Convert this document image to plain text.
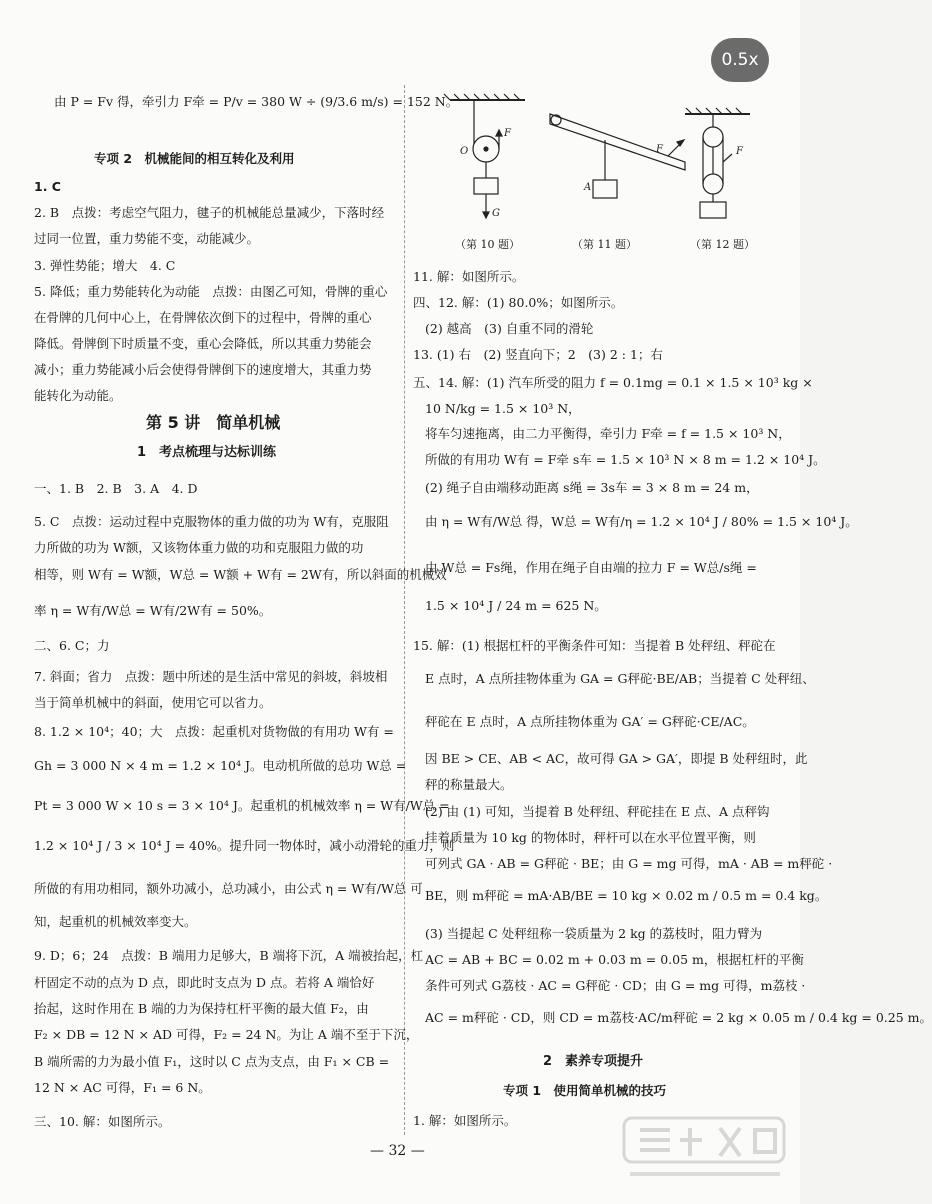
0.5x
由 P = Fv 得，牵引力 F牵 = P/v = 380 W ÷ (9/3.6 m/s) = 152 N。
专项 2　机械能间的相互转化及利用
1. C
2. B　点拨：考虑空气阻力，毽子的机械能总量减少，下落时经
过同一位置，重力势能不变，动能减少。
3. 弹性势能；增大　4. C
5. 降低；重力势能转化为动能　点拨：由图乙可知，骨牌的重心
在骨牌的几何中心上，在骨牌依次倒下的过程中，骨牌的重心
降低。骨牌倒下时质量不变，重心会降低，所以其重力势能会
减小；重力势能减小后会使得骨牌倒下的速度增大，其重力势
能转化为动能。
第 5 讲　简单机械
1　考点梳理与达标训练
一、1. B　2. B　3. A　4. D
5. C　点拨：运动过程中克服物体的重力做的功为 W有，克服阻
力所做的功为 W额，又该物体重力做的功和克服阻力做的功
相等，则 W有 = W额，W总 = W额 + W有 = 2W有，所以斜面的机械效
率 η = W有/W总 = W有/2W有 = 50%。
二、6. C；力
7. 斜面；省力　点拨：题中所述的是生活中常见的斜坡，斜坡相
当于简单机械中的斜面，使用它可以省力。
8. 1.2 × 10⁴；40；大　点拨：起重机对货物做的有用功 W有 =
Gh = 3 000 N × 4 m = 1.2 × 10⁴ J。电动机所做的总功 W总 =
Pt = 3 000 W × 10 s = 3 × 10⁴ J。起重机的机械效率 η = W有/W总 =
1.2 × 10⁴ J / 3 × 10⁴ J = 40%。提升同一物体时，减小动滑轮的重力，则
所做的有用功相同，额外功减小，总功减小，由公式 η = W有/W总 可
知，起重机的机械效率变大。
9. D；6；24　点拨：B 端用力足够大，B 端将下沉，A 端被抬起，杠
杆固定不动的点为 D 点，即此时支点为 D 点。若将 A 端恰好
抬起，这时作用在 B 端的力为保持杠杆平衡的最大值 F₂，由
F₂ × DB = 12 N × AD 可得，F₂ = 24 N。为让 A 端不至于下沉，
B 端所需的力为最小值 F₁，这时以 C 点为支点，由 F₁ × CB =
12 N × AC 可得，F₁ = 6 N。
三、10. 解：如图所示。
O
F
G
A
F	F
（第 10 题）	（第 11 题）	（第 12 题）
11. 解：如图所示。
四、12. 解：(1) 80.0%；如图所示。
(2) 越高　(3) 自重不同的滑轮
13. (1) 右　(2) 竖直向下；2　(3) 2 : 1；右
五、14. 解：(1) 汽车所受的阻力 f = 0.1mg = 0.1 × 1.5 × 10³ kg ×
10 N/kg = 1.5 × 10³ N，
将车匀速拖离，由二力平衡得，牵引力 F牵 = f = 1.5 × 10³ N，
所做的有用功 W有 = F牵 s车 = 1.5 × 10³ N × 8 m = 1.2 × 10⁴ J。
(2) 绳子自由端移动距离 s绳 = 3s车 = 3 × 8 m = 24 m，
由 η = W有/W总 得，W总 = W有/η = 1.2 × 10⁴ J / 80% = 1.5 × 10⁴ J。
由 W总 = Fs绳，作用在绳子自由端的拉力 F = W总/s绳 =
1.5 × 10⁴ J / 24 m = 625 N。
15. 解：(1) 根据杠杆的平衡条件可知：当提着 B 处秤纽、秤砣在
E 点时，A 点所挂物体重为 GA = G秤砣·BE/AB；当提着 C 处秤纽、
秤砣在 E 点时，A 点所挂物体重为 GA′ = G秤砣·CE/AC。
因 BE > CE、AB < AC，故可得 GA > GA′，即提 B 处秤纽时，此
秤的称量最大。
(2) 由 (1) 可知，当提着 B 处秤纽、秤砣挂在 E 点、A 点秤钩
挂着质量为 10 kg 的物体时，秤杆可以在水平位置平衡，则
可列式 GA · AB = G秤砣 · BE；由 G = mg 可得，mA · AB = m秤砣 ·
BE，则 m秤砣 = mA·AB/BE = 10 kg × 0.02 m / 0.5 m = 0.4 kg。
(3) 当提起 C 处秤纽称一袋质量为 2 kg 的荔枝时，阻力臂为
AC = AB + BC = 0.02 m + 0.03 m = 0.05 m，根据杠杆的平衡
条件可列式 G荔枝 · AC = G秤砣 · CD；由 G = mg 可得，m荔枝 ·
AC = m秤砣 · CD，则 CD = m荔枝·AC/m秤砣 = 2 kg × 0.05 m / 0.4 kg = 0.25 m。
2　素养专项提升
专项 1　使用简单机械的技巧
1. 解：如图所示。
— 32 —
